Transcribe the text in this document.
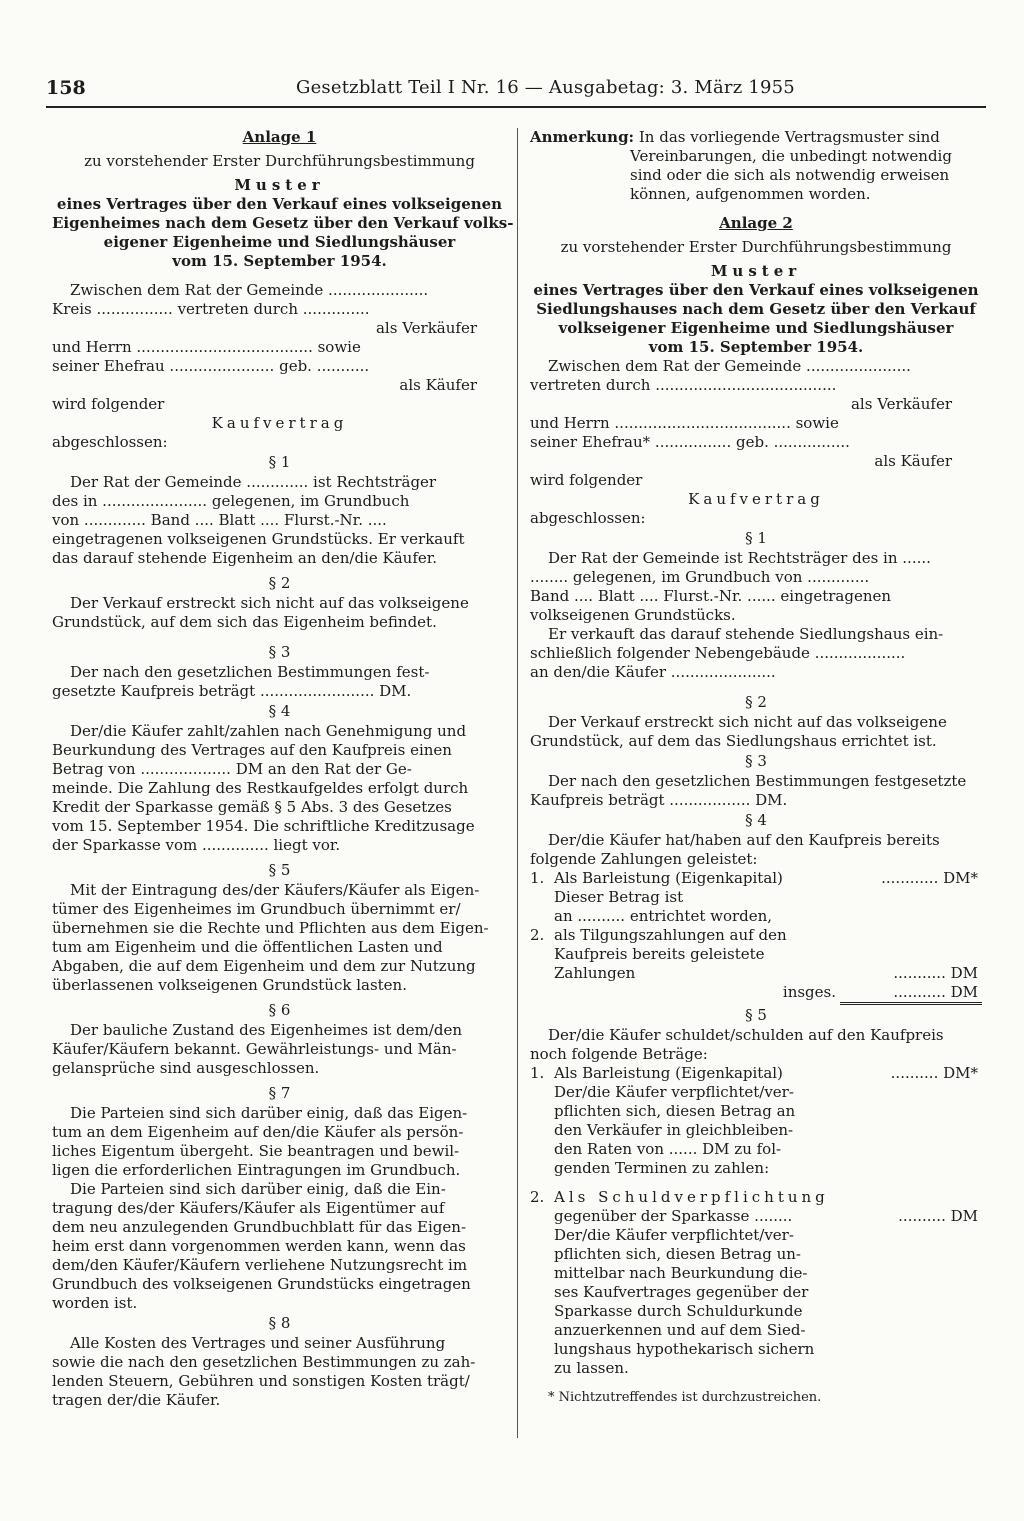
158	Gesetzblatt Teil I Nr. 16 — Ausgabetag: 3. März 1955
Anlage 1
zu vorstehender Erster Durchführungsbestimmung
Muster
eines Vertrages über den Verkauf eines volkseigenen
Eigenheimes nach dem Gesetz über den Verkauf volks-
eigener Eigenheime und Siedlungshäuser
vom 15. September 1954.
Zwischen dem Rat der Gemeinde .....................
Kreis ................ vertreten durch ..............
als Verkäufer
und Herrn ..................................... sowie
seiner Ehefrau ...................... geb. ...........
als Käufer
wird folgender
Kaufvertrag
abgeschlossen:
§ 1
Der Rat der Gemeinde ............. ist Rechtsträger
des in ...................... gelegenen, im Grundbuch
von ............. Band .... Blatt .... Flurst.-Nr. ....
eingetragenen volkseigenen Grundstücks. Er verkauft
das darauf stehende Eigenheim an den/die Käufer.
§ 2
Der Verkauf erstreckt sich nicht auf das volkseigene
Grundstück, auf dem sich das Eigenheim befindet.
§ 3
Der nach den gesetzlichen Bestimmungen fest-
gesetzte Kaufpreis beträgt ........................ DM.
§ 4
Der/die Käufer zahlt/zahlen nach Genehmigung und
Beurkundung des Vertrages auf den Kaufpreis einen
Betrag von ................... DM an den Rat der Ge-
meinde. Die Zahlung des Restkaufgeldes erfolgt durch
Kredit der Sparkasse gemäß § 5 Abs. 3 des Gesetzes
vom 15. September 1954. Die schriftliche Kreditzusage
der Sparkasse vom .............. liegt vor.
§ 5
Mit der Eintragung des/der Käufers/Käufer als Eigen-
tümer des Eigenheimes im Grundbuch übernimmt er/
übernehmen sie die Rechte und Pflichten aus dem Eigen-
tum am Eigenheim und die öffentlichen Lasten und
Abgaben, die auf dem Eigenheim und dem zur Nutzung
überlassenen volkseigenen Grundstück lasten.
§ 6
Der bauliche Zustand des Eigenheimes ist dem/den
Käufer/Käufern bekannt. Gewährleistungs- und Män-
gelansprüche sind ausgeschlossen.
§ 7
Die Parteien sind sich darüber einig, daß das Eigen-
tum an dem Eigenheim auf den/die Käufer als persön-
liches Eigentum übergeht. Sie beantragen und bewil-
ligen die erforderlichen Eintragungen im Grundbuch.
Die Parteien sind sich darüber einig, daß die Ein-
tragung des/der Käufers/Käufer als Eigentümer auf
dem neu anzulegenden Grundbuchblatt für das Eigen-
heim erst dann vorgenommen werden kann, wenn das
dem/den Käufer/Käufern verliehene Nutzungsrecht im
Grundbuch des volkseigenen Grundstücks eingetragen
worden ist.
§ 8
Alle Kosten des Vertrages und seiner Ausführung
sowie die nach den gesetzlichen Bestimmungen zu zah-
lenden Steuern, Gebühren und sonstigen Kosten trägt/
tragen der/die Käufer.
Anmerkung: In das vorliegende Vertragsmuster sind
Vereinbarungen, die unbedingt notwendig
sind oder die sich als notwendig erweisen
können, aufgenommen worden.
Anlage 2
zu vorstehender Erster Durchführungsbestimmung
Muster
eines Vertrages über den Verkauf eines volkseigenen
Siedlungshauses nach dem Gesetz über den Verkauf
volkseigener Eigenheime und Siedlungshäuser
vom 15. September 1954.
Zwischen dem Rat der Gemeinde ......................
vertreten durch ......................................
als Verkäufer
und Herrn ..................................... sowie
seiner Ehefrau* ................ geb. ................
als Käufer
wird folgender
Kaufvertrag
abgeschlossen:
§ 1
Der Rat der Gemeinde ist Rechtsträger des in ......
........ gelegenen, im Grundbuch von .............
Band .... Blatt .... Flurst.-Nr. ...... eingetragenen
volkseigenen Grundstücks.
Er verkauft das darauf stehende Siedlungshaus ein-
schließlich folgender Nebengebäude ...................
an den/die Käufer ......................
§ 2
Der Verkauf erstreckt sich nicht auf das volkseigene
Grundstück, auf dem das Siedlungshaus errichtet ist.
§ 3
Der nach den gesetzlichen Bestimmungen festgesetzte
Kaufpreis beträgt ................. DM.
§ 4
Der/die Käufer hat/haben auf den Kaufpreis bereits
folgende Zahlungen geleistet:
1. Als Barleistung (Eigenkapital)	............ DM*
Dieser Betrag ist
an .......... entrichtet worden,
2. als Tilgungszahlungen auf den
Kaufpreis bereits geleistete
Zahlungen	........... DM
insges.	........... DM
§ 5
Der/die Käufer schuldet/schulden auf den Kaufpreis
noch folgende Beträge:
1. Als Barleistung (Eigenkapital)	.......... DM*
Der/die Käufer verpflichtet/ver-
pflichten sich, diesen Betrag an
den Verkäufer in gleichbleiben-
den Raten von ...... DM zu fol-
genden Terminen zu zahlen:
2. Als Schuldverpflichtung
gegenüber der Sparkasse ........	.......... DM
Der/die Käufer verpflichtet/ver-
pflichten sich, diesen Betrag un-
mittelbar nach Beurkundung die-
ses Kaufvertrages gegenüber der
Sparkasse durch Schuldurkunde
anzuerkennen und auf dem Sied-
lungshaus hypothekarisch sichern
zu lassen.
* Nichtzutreffendes ist durchzustreichen.
